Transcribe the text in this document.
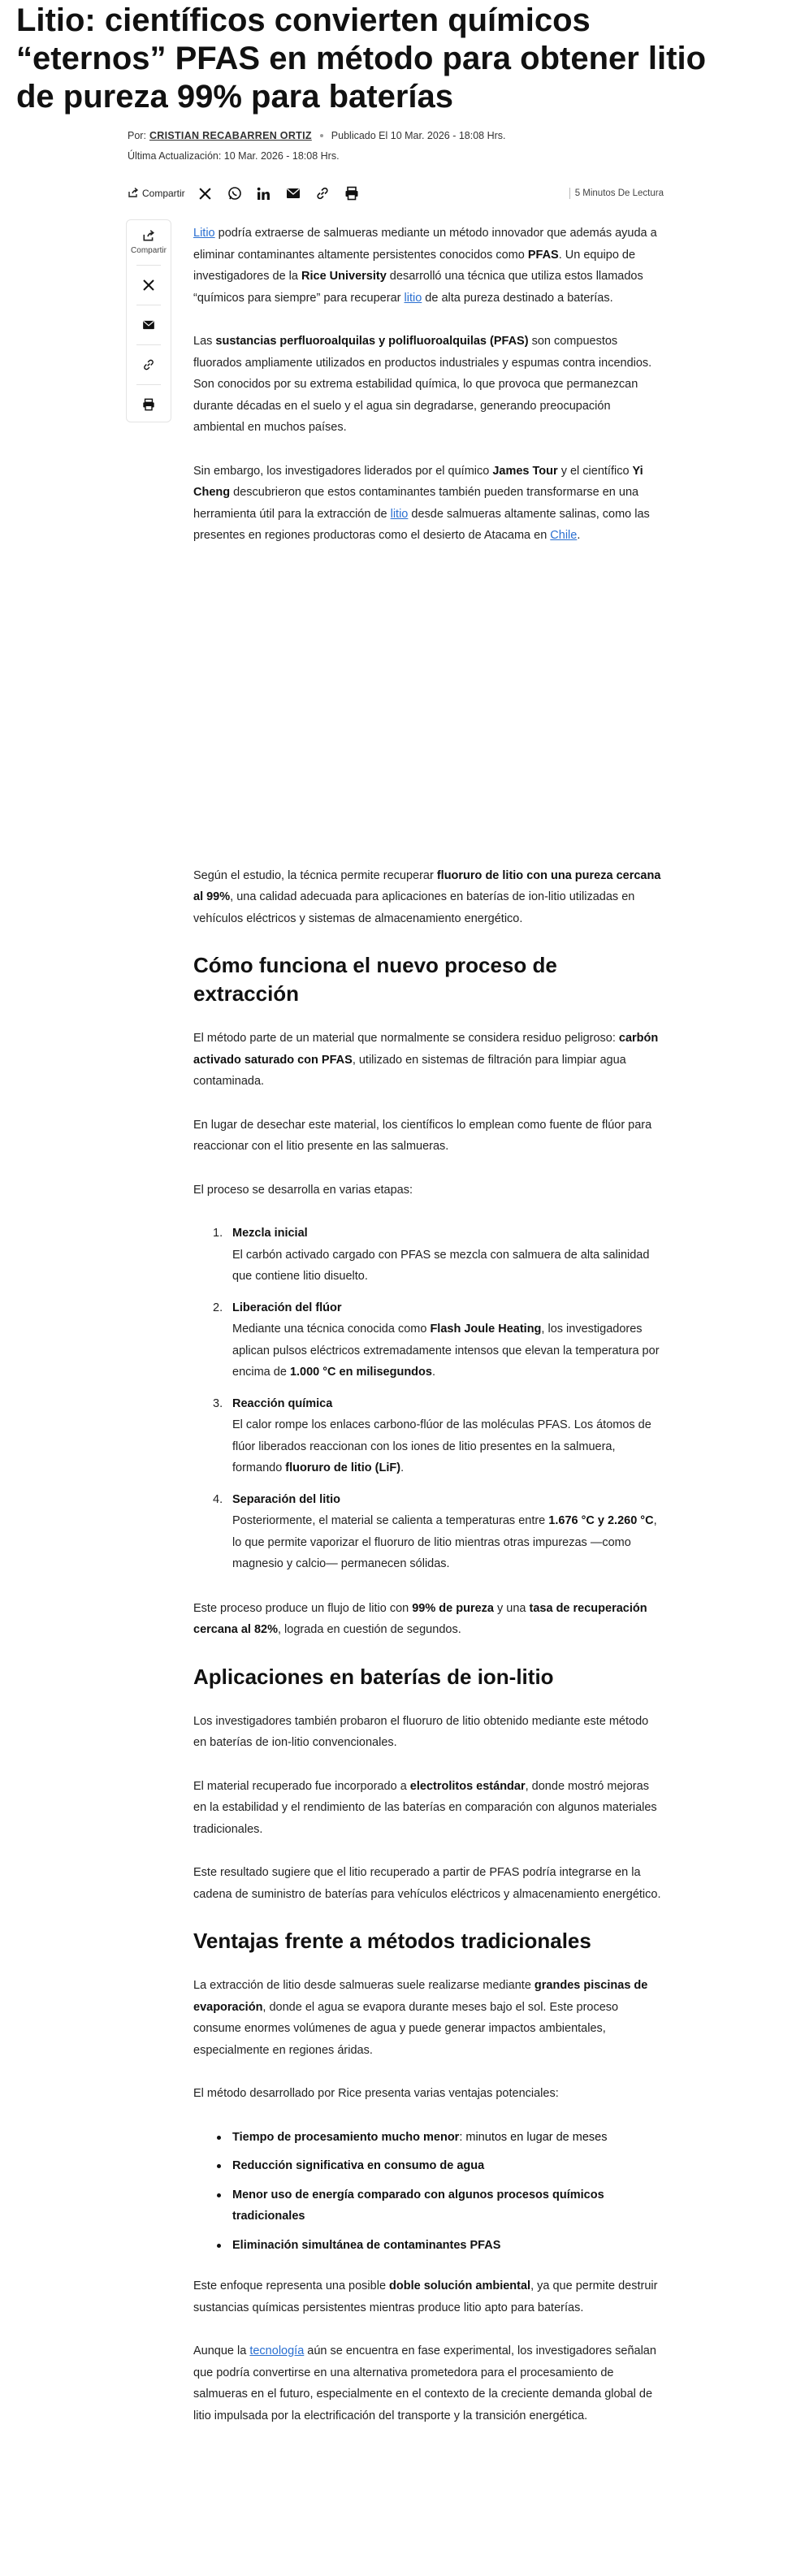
Litio: científicos convierten químicos “eternos” PFAS en método para obtener litio de pureza 99% para baterías
Por: CRISTIAN RECABARREN ORTIZ Publicado El 10 Mar. 2026 - 18:08 Hrs.
Última Actualización: 10 Mar. 2026 - 18:08 Hrs.
Compartir	5 Minutos De Lectura
Compartir

Litio podría extraerse de salmueras mediante un método innovador que además ayuda a eliminar contaminantes altamente persistentes conocidos como PFAS. Un equipo de investigadores de la Rice University desarrolló una técnica que utiliza estos llamados “químicos para siempre” para recuperar litio de alta pureza destinado a baterías.

Las sustancias perfluoroalquilas y polifluoroalquilas (PFAS) son compuestos fluorados ampliamente utilizados en productos industriales y espumas contra incendios. Son conocidos por su extrema estabilidad química, lo que provoca que permanezcan durante décadas en el suelo y el agua sin degradarse, generando preocupación ambiental en muchos países.

Sin embargo, los investigadores liderados por el químico James Tour y el científico Yi Cheng descubrieron que estos contaminantes también pueden transformarse en una herramienta útil para la extracción de litio desde salmueras altamente salinas, como las presentes en regiones productoras como el desierto de Atacama en Chile.

Según el estudio, la técnica permite recuperar fluoruro de litio con una pureza cercana al 99%, una calidad adecuada para aplicaciones en baterías de ion-litio utilizadas en vehículos eléctricos y sistemas de almacenamiento energético.

Cómo funciona el nuevo proceso de extracción

El método parte de un material que normalmente se considera residuo peligroso: carbón activado saturado con PFAS, utilizado en sistemas de filtración para limpiar agua contaminada.

En lugar de desechar este material, los científicos lo emplean como fuente de flúor para reaccionar con el litio presente en las salmueras.

El proceso se desarrolla en varias etapas:

1. Mezcla inicial
El carbón activado cargado con PFAS se mezcla con salmuera de alta salinidad que contiene litio disuelto.
2. Liberación del flúor
Mediante una técnica conocida como Flash Joule Heating, los investigadores aplican pulsos eléctricos extremadamente intensos que elevan la temperatura por encima de 1.000 °C en milisegundos.
3. Reacción química
El calor rompe los enlaces carbono-flúor de las moléculas PFAS. Los átomos de flúor liberados reaccionan con los iones de litio presentes en la salmuera, formando fluoruro de litio (LiF).
4. Separación del litio
Posteriormente, el material se calienta a temperaturas entre 1.676 °C y 2.260 °C, lo que permite vaporizar el fluoruro de litio mientras otras impurezas —como magnesio y calcio— permanecen sólidas.

Este proceso produce un flujo de litio con 99% de pureza y una tasa de recuperación cercana al 82%, lograda en cuestión de segundos.

Aplicaciones en baterías de ion-litio

Los investigadores también probaron el fluoruro de litio obtenido mediante este método en baterías de ion-litio convencionales.

El material recuperado fue incorporado a electrolitos estándar, donde mostró mejoras en la estabilidad y el rendimiento de las baterías en comparación con algunos materiales tradicionales.

Este resultado sugiere que el litio recuperado a partir de PFAS podría integrarse en la cadena de suministro de baterías para vehículos eléctricos y almacenamiento energético.

Ventajas frente a métodos tradicionales

La extracción de litio desde salmueras suele realizarse mediante grandes piscinas de evaporación, donde el agua se evapora durante meses bajo el sol. Este proceso consume enormes volúmenes de agua y puede generar impactos ambientales, especialmente en regiones áridas.

El método desarrollado por Rice presenta varias ventajas potenciales:

Tiempo de procesamiento mucho menor: minutos en lugar de meses
Reducción significativa en consumo de agua
Menor uso de energía comparado con algunos procesos químicos tradicionales
Eliminación simultánea de contaminantes PFAS

Este enfoque representa una posible doble solución ambiental, ya que permite destruir sustancias químicas persistentes mientras produce litio apto para baterías.

Aunque la tecnología aún se encuentra en fase experimental, los investigadores señalan que podría convertirse en una alternativa prometedora para el procesamiento de salmueras en el futuro, especialmente en el contexto de la creciente demanda global de litio impulsada por la electrificación del transporte y la transición energética.
